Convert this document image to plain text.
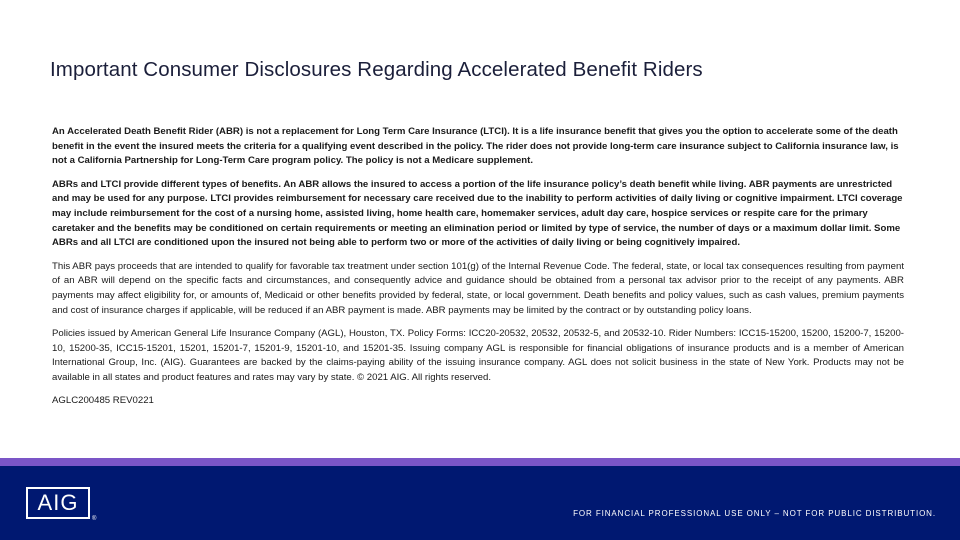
Important Consumer Disclosures Regarding Accelerated Benefit Riders

An Accelerated Death Benefit Rider (ABR) is not a replacement for Long Term Care Insurance (LTCI). It is a life insurance benefit that gives you the option to accelerate some of the death benefit in the event the insured meets the criteria for a qualifying event described in the policy. The rider does not provide long-term care insurance subject to California insurance law, is not a California Partnership for Long-Term Care program policy. The policy is not a Medicare supplement.

ABRs and LTCI provide different types of benefits. An ABR allows the insured to access a portion of the life insurance policy’s death benefit while living. ABR payments are unrestricted and may be used for any purpose. LTCI provides reimbursement for necessary care received due to the inability to perform activities of daily living or cognitive impairment. LTCI coverage may include reimbursement for the cost of a nursing home, assisted living, home health care, homemaker services, adult day care, hospice services or respite care for the primary caretaker and the benefits may be conditioned on certain requirements or meeting an elimination period or limited by type of service, the number of days or a maximum dollar limit. Some ABRs and all LTCI are conditioned upon the insured not being able to perform two or more of the activities of daily living or being cognitively impaired.

This ABR pays proceeds that are intended to qualify for favorable tax treatment under section 101(g) of the Internal Revenue Code. The federal, state, or local tax consequences resulting from payment of an ABR will depend on the specific facts and circumstances, and consequently advice and guidance should be obtained from a personal tax advisor prior to the receipt of any payments. ABR payments may affect eligibility for, or amounts of, Medicaid or other benefits provided by federal, state, or local government. Death benefits and policy values, such as cash values, premium payments and cost of insurance charges if applicable, will be reduced if an ABR payment is made. ABR payments may be limited by the contract or by outstanding policy loans.

Policies issued by American General Life Insurance Company (AGL), Houston, TX. Policy Forms: ICC20-20532, 20532, 20532-5, and 20532-10. Rider Numbers: ICC15-15200, 15200, 15200-7, 15200-10, 15200-35, ICC15-15201, 15201, 15201-7, 15201-9, 15201-10, and 15201-35. Issuing company AGL is responsible for financial obligations of insurance products and is a member of American International Group, Inc. (AIG). Guarantees are backed by the claims-paying ability of the issuing insurance company. AGL does not solicit business in the state of New York. Products may not be available in all states and product features and rates may vary by state. © 2021 AIG. All rights reserved.

AGLC200485 REV0221

AIG
®
FOR FINANCIAL PROFESSIONAL USE ONLY – NOT FOR PUBLIC DISTRIBUTION.
